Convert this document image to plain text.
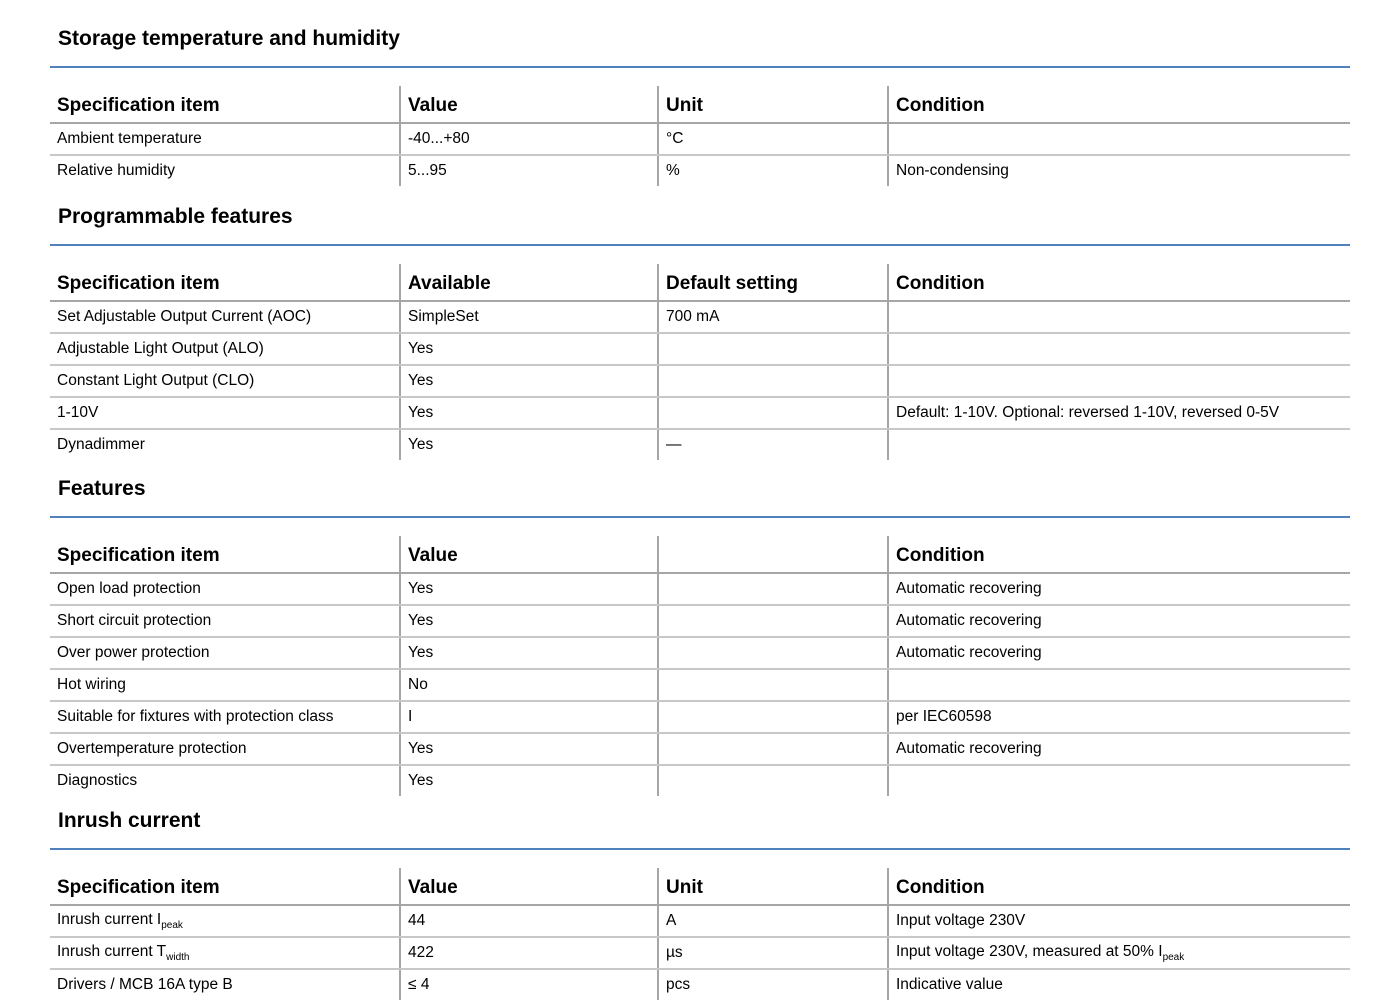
Storage temperature and humidity
Specification item	Value	Unit	Condition
Ambient temperature	-40...+80	°C	
Relative humidity	5...95	%	Non-condensing
Programmable features
Specification item	Available	Default setting	Condition
Set Adjustable Output Current (AOC)	SimpleSet	700 mA	
Adjustable Light Output (ALO)	Yes		
Constant Light Output (CLO)	Yes		
1-10V	Yes		Default: 1-10V. Optional: reversed 1-10V, reversed 0-5V
Dynadimmer	Yes	—	
Features
Specification item	Value		Condition
Open load protection	Yes		Automatic recovering
Short circuit protection	Yes		Automatic recovering
Over power protection	Yes		Automatic recovering
Hot wiring	No		
Suitable for fixtures with protection class	I		per IEC60598
Overtemperature protection	Yes		Automatic recovering
Diagnostics	Yes		
Inrush current
Specification item	Value	Unit	Condition
Inrush current $I_{peak}$	44	A	Input voltage 230V
Inrush current $T_{width}$	422	µs	Input voltage 230V, measured at 50% $I_{peak}$
Drivers / MCB 16A type B	≤ 4	pcs	Indicative value
